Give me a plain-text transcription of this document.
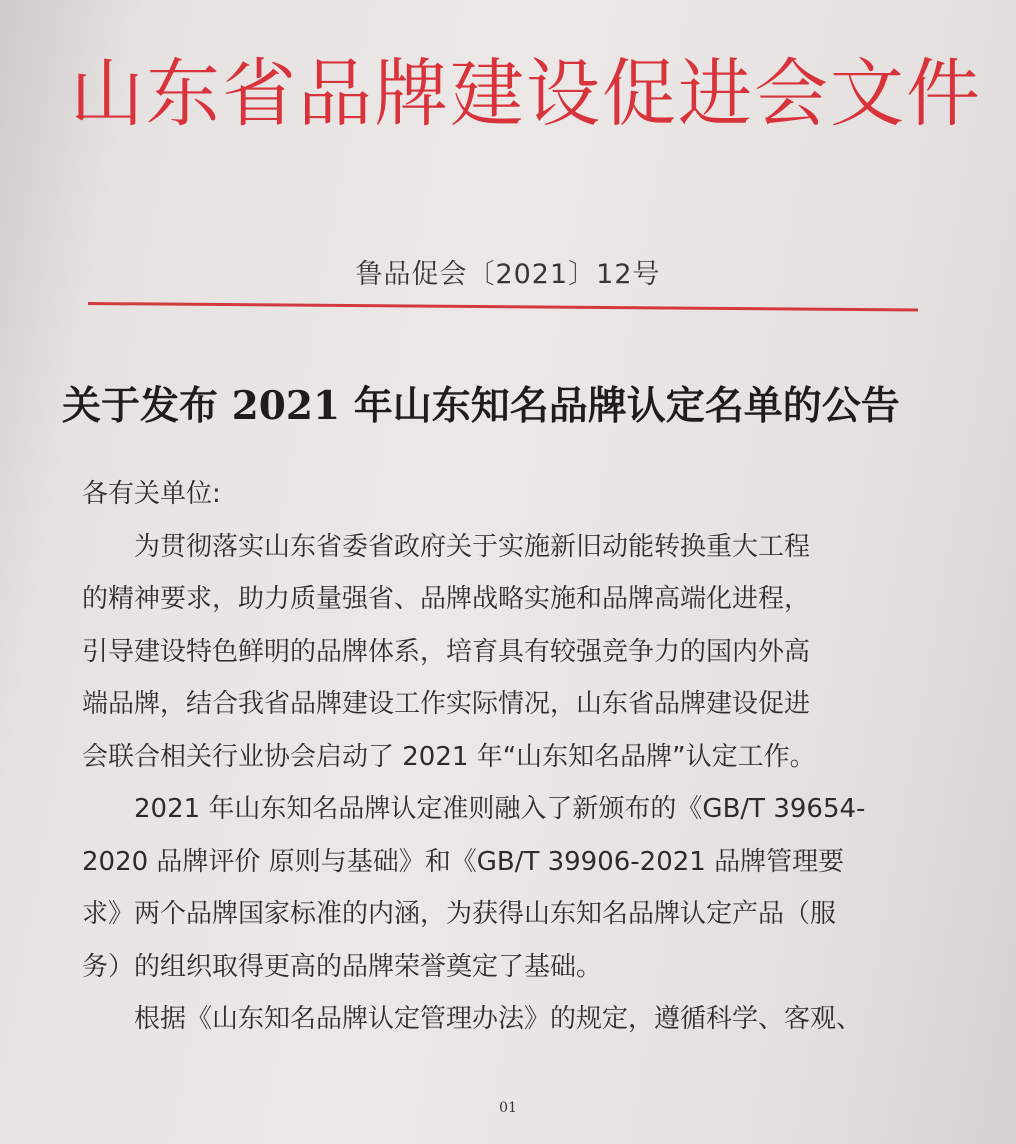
山东省品牌建设促进会文件
鲁品促会〔2021〕12号
关于发布 2021 年山东知名品牌认定名单的公告
各有关单位:
为贯彻落实山东省委省政府关于实施新旧动能转换重大工程
的精神要求，助力质量强省、品牌战略实施和品牌高端化进程，
引导建设特色鲜明的品牌体系，培育具有较强竞争力的国内外高
端品牌，结合我省品牌建设工作实际情况，山东省品牌建设促进
会联合相关行业协会启动了 2021 年“山东知名品牌”认定工作。
2021 年山东知名品牌认定准则融入了新颁布的《GB/T 39654-
2020 品牌评价 原则与基础》和《GB/T 39906-2021 品牌管理要
求》两个品牌国家标准的内涵，为获得山东知名品牌认定产品（服
务）的组织取得更高的品牌荣誉奠定了基础。
根据《山东知名品牌认定管理办法》的规定，遵循科学、客观、
01
